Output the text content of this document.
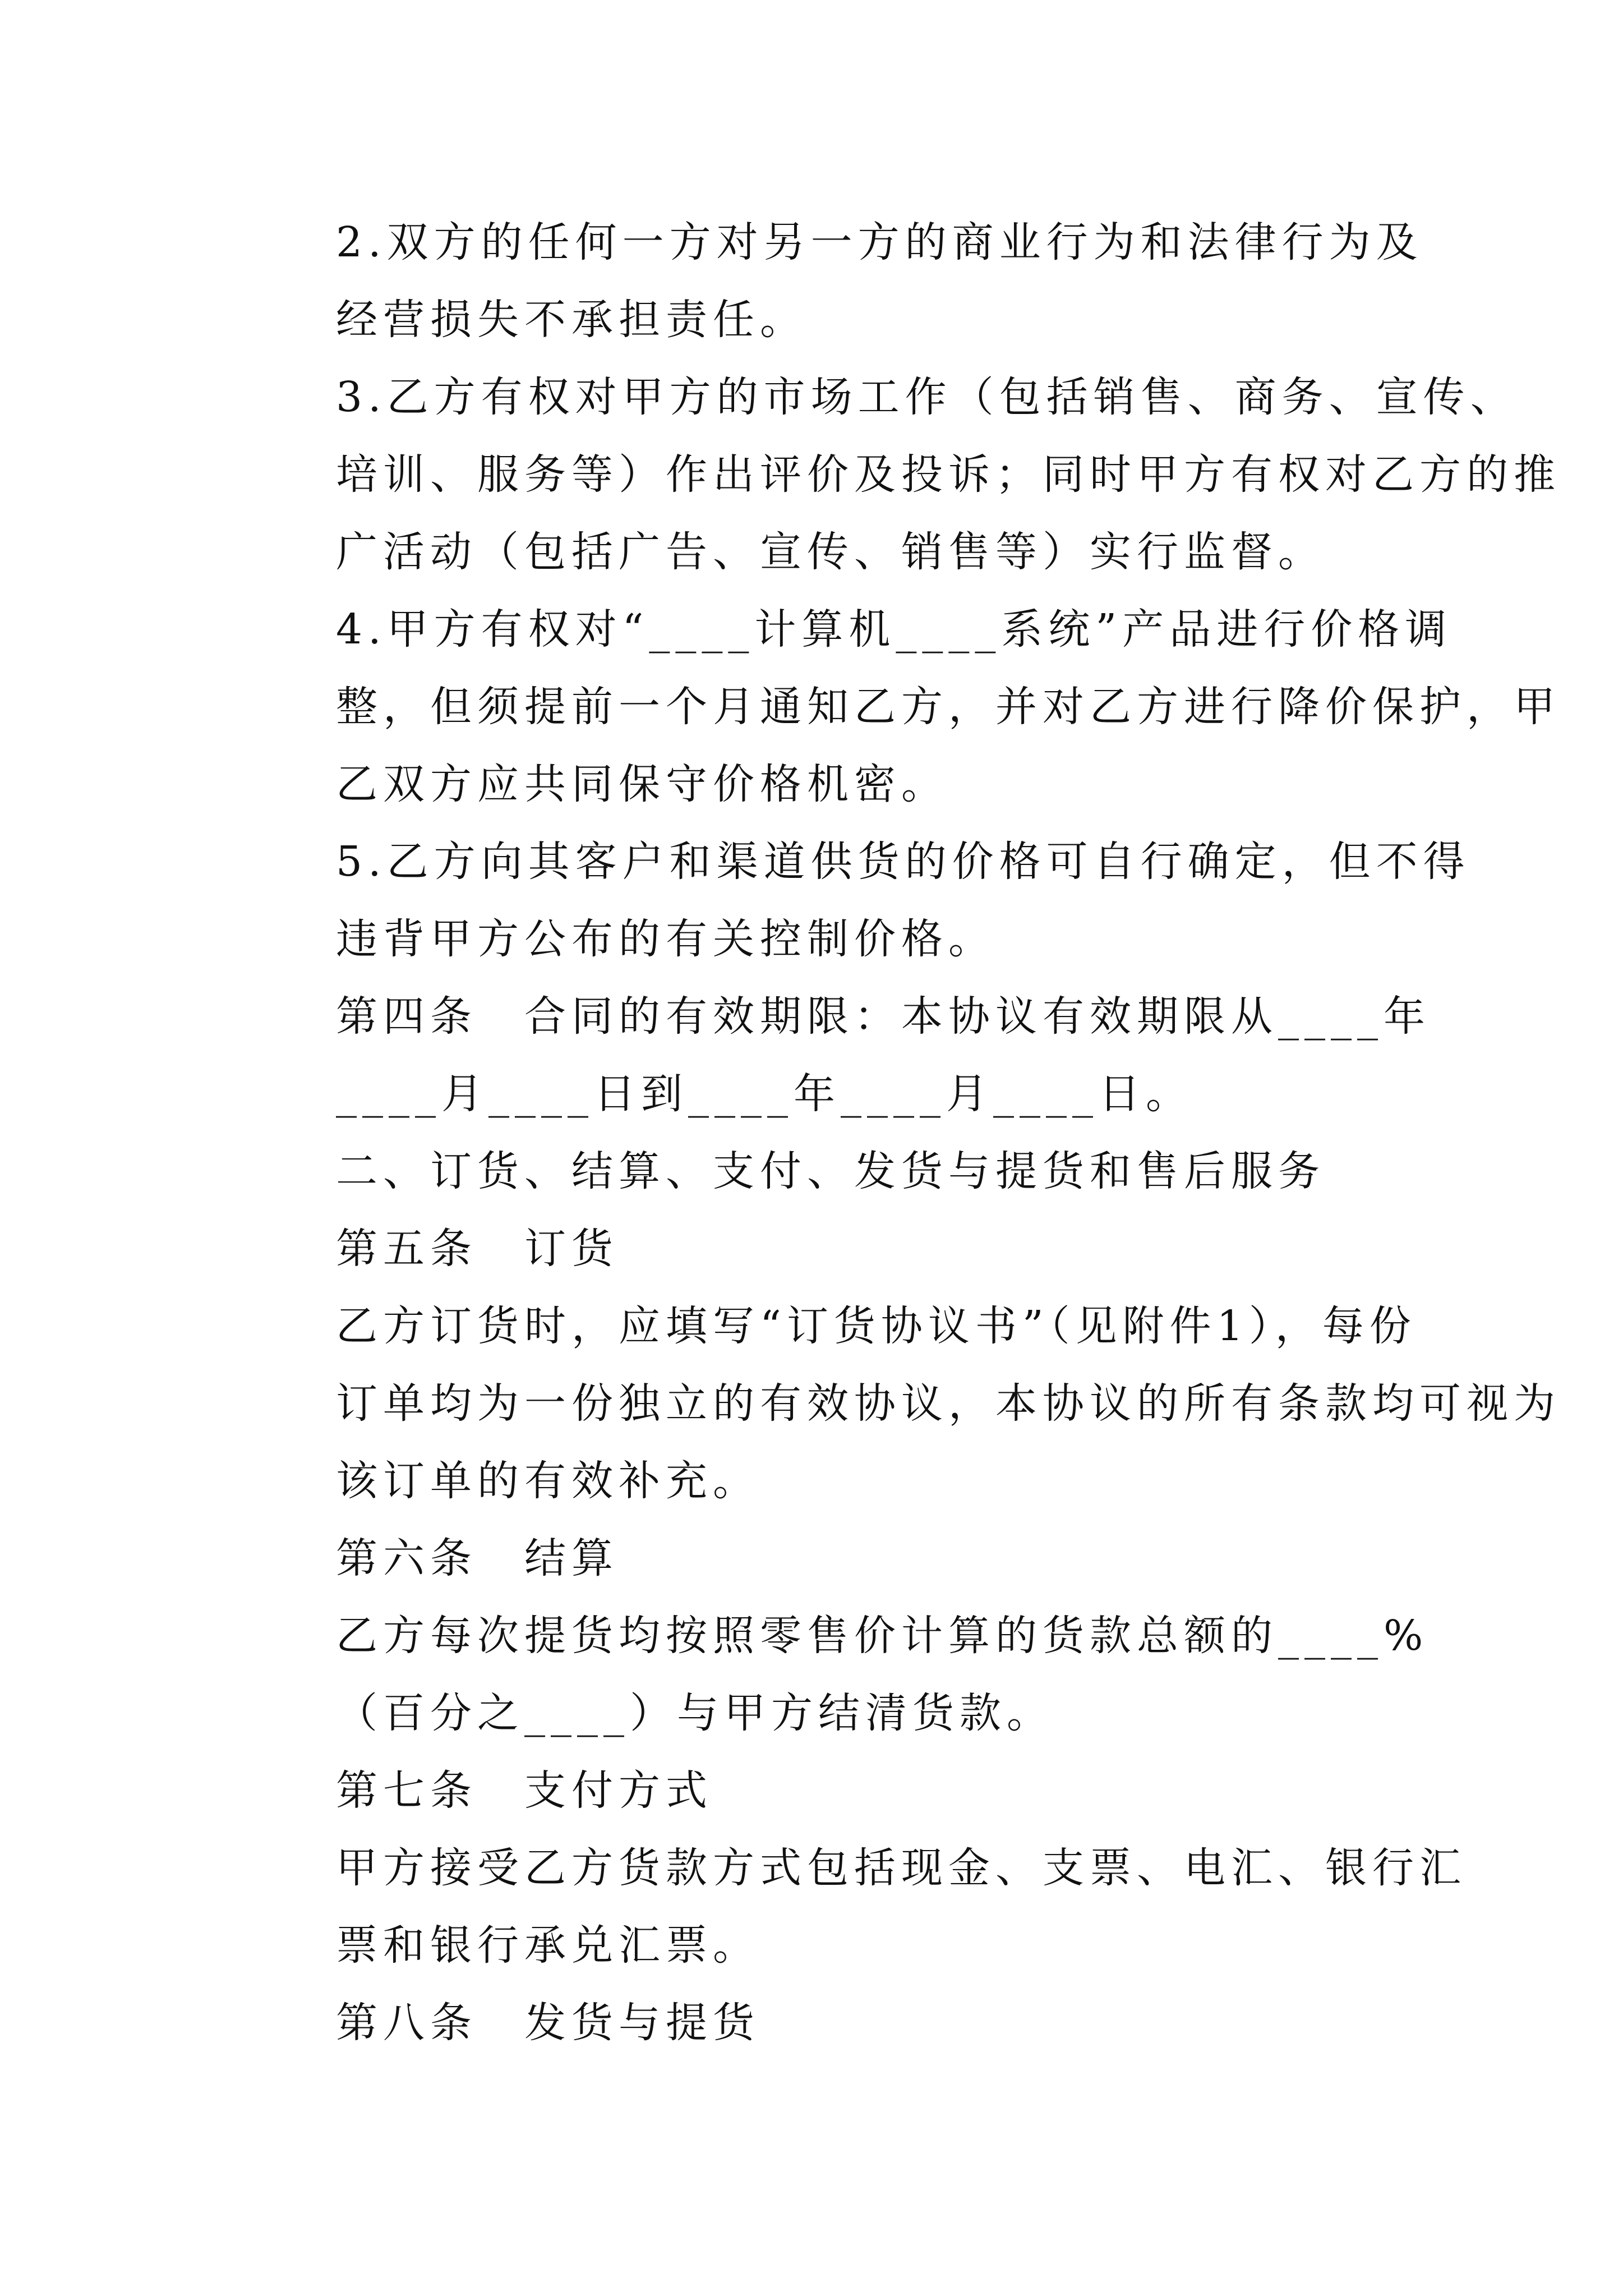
2.双方的任何一方对另一方的商业行为和法律行为及
经营损失不承担责任。

3.乙方有权对甲方的市场工作（包括销售、商务、宣传、
培训、服务等）作出评价及投诉；同时甲方有权对乙方的推
广活动（包括广告、宣传、销售等）实行监督。

4.甲方有权对“____计算机____系统”产品进行价格调
整，但须提前一个月通知乙方，并对乙方进行降价保护，甲
乙双方应共同保守价格机密。

5.乙方向其客户和渠道供货的价格可自行确定，但不得
违背甲方公布的有关控制价格。

第四条　合同的有效期限：本协议有效期限从____年
____月____日到____年____月____日。

二、订货、结算、支付、发货与提货和售后服务

第五条　订货

乙方订货时，应填写“订货协议书”（见附件1），每份
订单均为一份独立的有效协议，本协议的所有条款均可视为
该订单的有效补充。

第六条　结算

乙方每次提货均按照零售价计算的货款总额的____%
（百分之____）与甲方结清货款。

第七条　支付方式

甲方接受乙方货款方式包括现金、支票、电汇、银行汇
票和银行承兑汇票。

第八条　发货与提货
